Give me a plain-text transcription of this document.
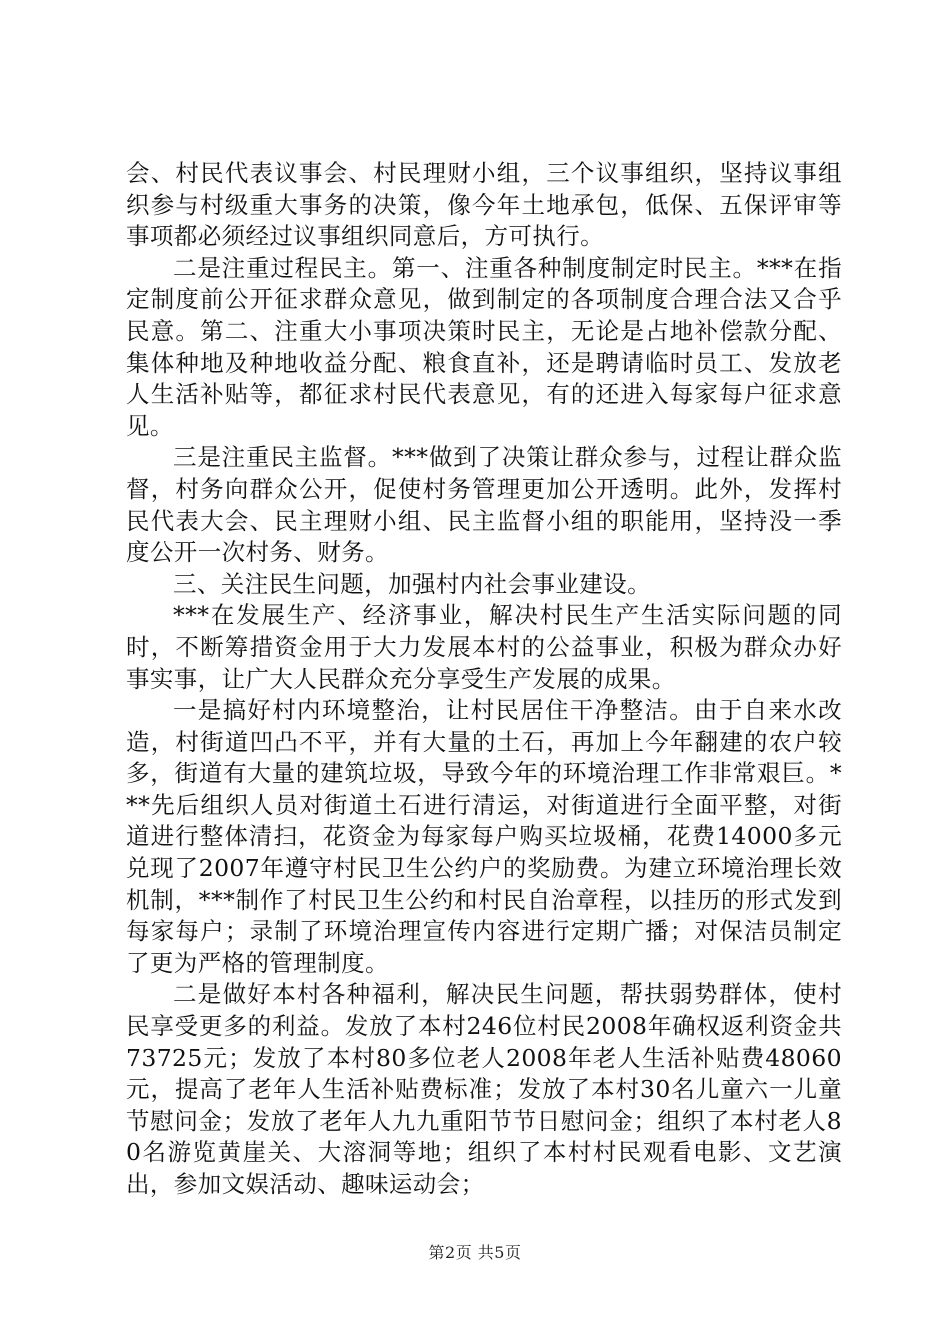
会、村民代表议事会、村民理财小组，三个议事组织，坚持议事组织参与村级重大事务的决策，像今年土地承包，低保、五保评审等事项都必须经过议事组织同意后，方可执行。

二是注重过程民主。第一、注重各种制度制定时民主。***在指定制度前公开征求群众意见，做到制定的各项制度合理合法又合乎民意。第二、注重大小事项决策时民主，无论是占地补偿款分配、集体种地及种地收益分配、粮食直补，还是聘请临时员工、发放老人生活补贴等，都征求村民代表意见，有的还进入每家每户征求意见。

三是注重民主监督。***做到了决策让群众参与，过程让群众监督，村务向群众公开，促使村务管理更加公开透明。此外，发挥村民代表大会、民主理财小组、民主监督小组的职能用，坚持没一季度公开一次村务、财务。

三、关注民生问题，加强村内社会事业建设。

***在发展生产、经济事业，解决村民生产生活实际问题的同时，不断筹措资金用于大力发展本村的公益事业，积极为群众办好事实事，让广大人民群众充分享受生产发展的成果。

一是搞好村内环境整治，让村民居住干净整洁。由于自来水改造，村街道凹凸不平，并有大量的土石，再加上今年翻建的农户较多，街道有大量的建筑垃圾，导致今年的环境治理工作非常艰巨。***先后组织人员对街道土石进行清运，对街道进行全面平整，对街道进行整体清扫，花资金为每家每户购买垃圾桶，花费14000多元兑现了2007年遵守村民卫生公约户的奖励费。为建立环境治理长效机制，***制作了村民卫生公约和村民自治章程，以挂历的形式发到每家每户；录制了环境治理宣传内容进行定期广播；对保洁员制定了更为严格的管理制度。

二是做好本村各种福利，解决民生问题，帮扶弱势群体，使村民享受更多的利益。发放了本村246位村民2008年确权返利资金共73725元；发放了本村80多位老人2008年老人生活补贴费48060元，提高了老年人生活补贴费标准；发放了本村30名儿童六一儿童节慰问金；发放了老年人九九重阳节节日慰问金；组织了本村老人80名游览黄崖关、大溶洞等地；组织了本村村民观看电影、文艺演出，参加文娱活动、趣味运动会；

第2页 共5页
